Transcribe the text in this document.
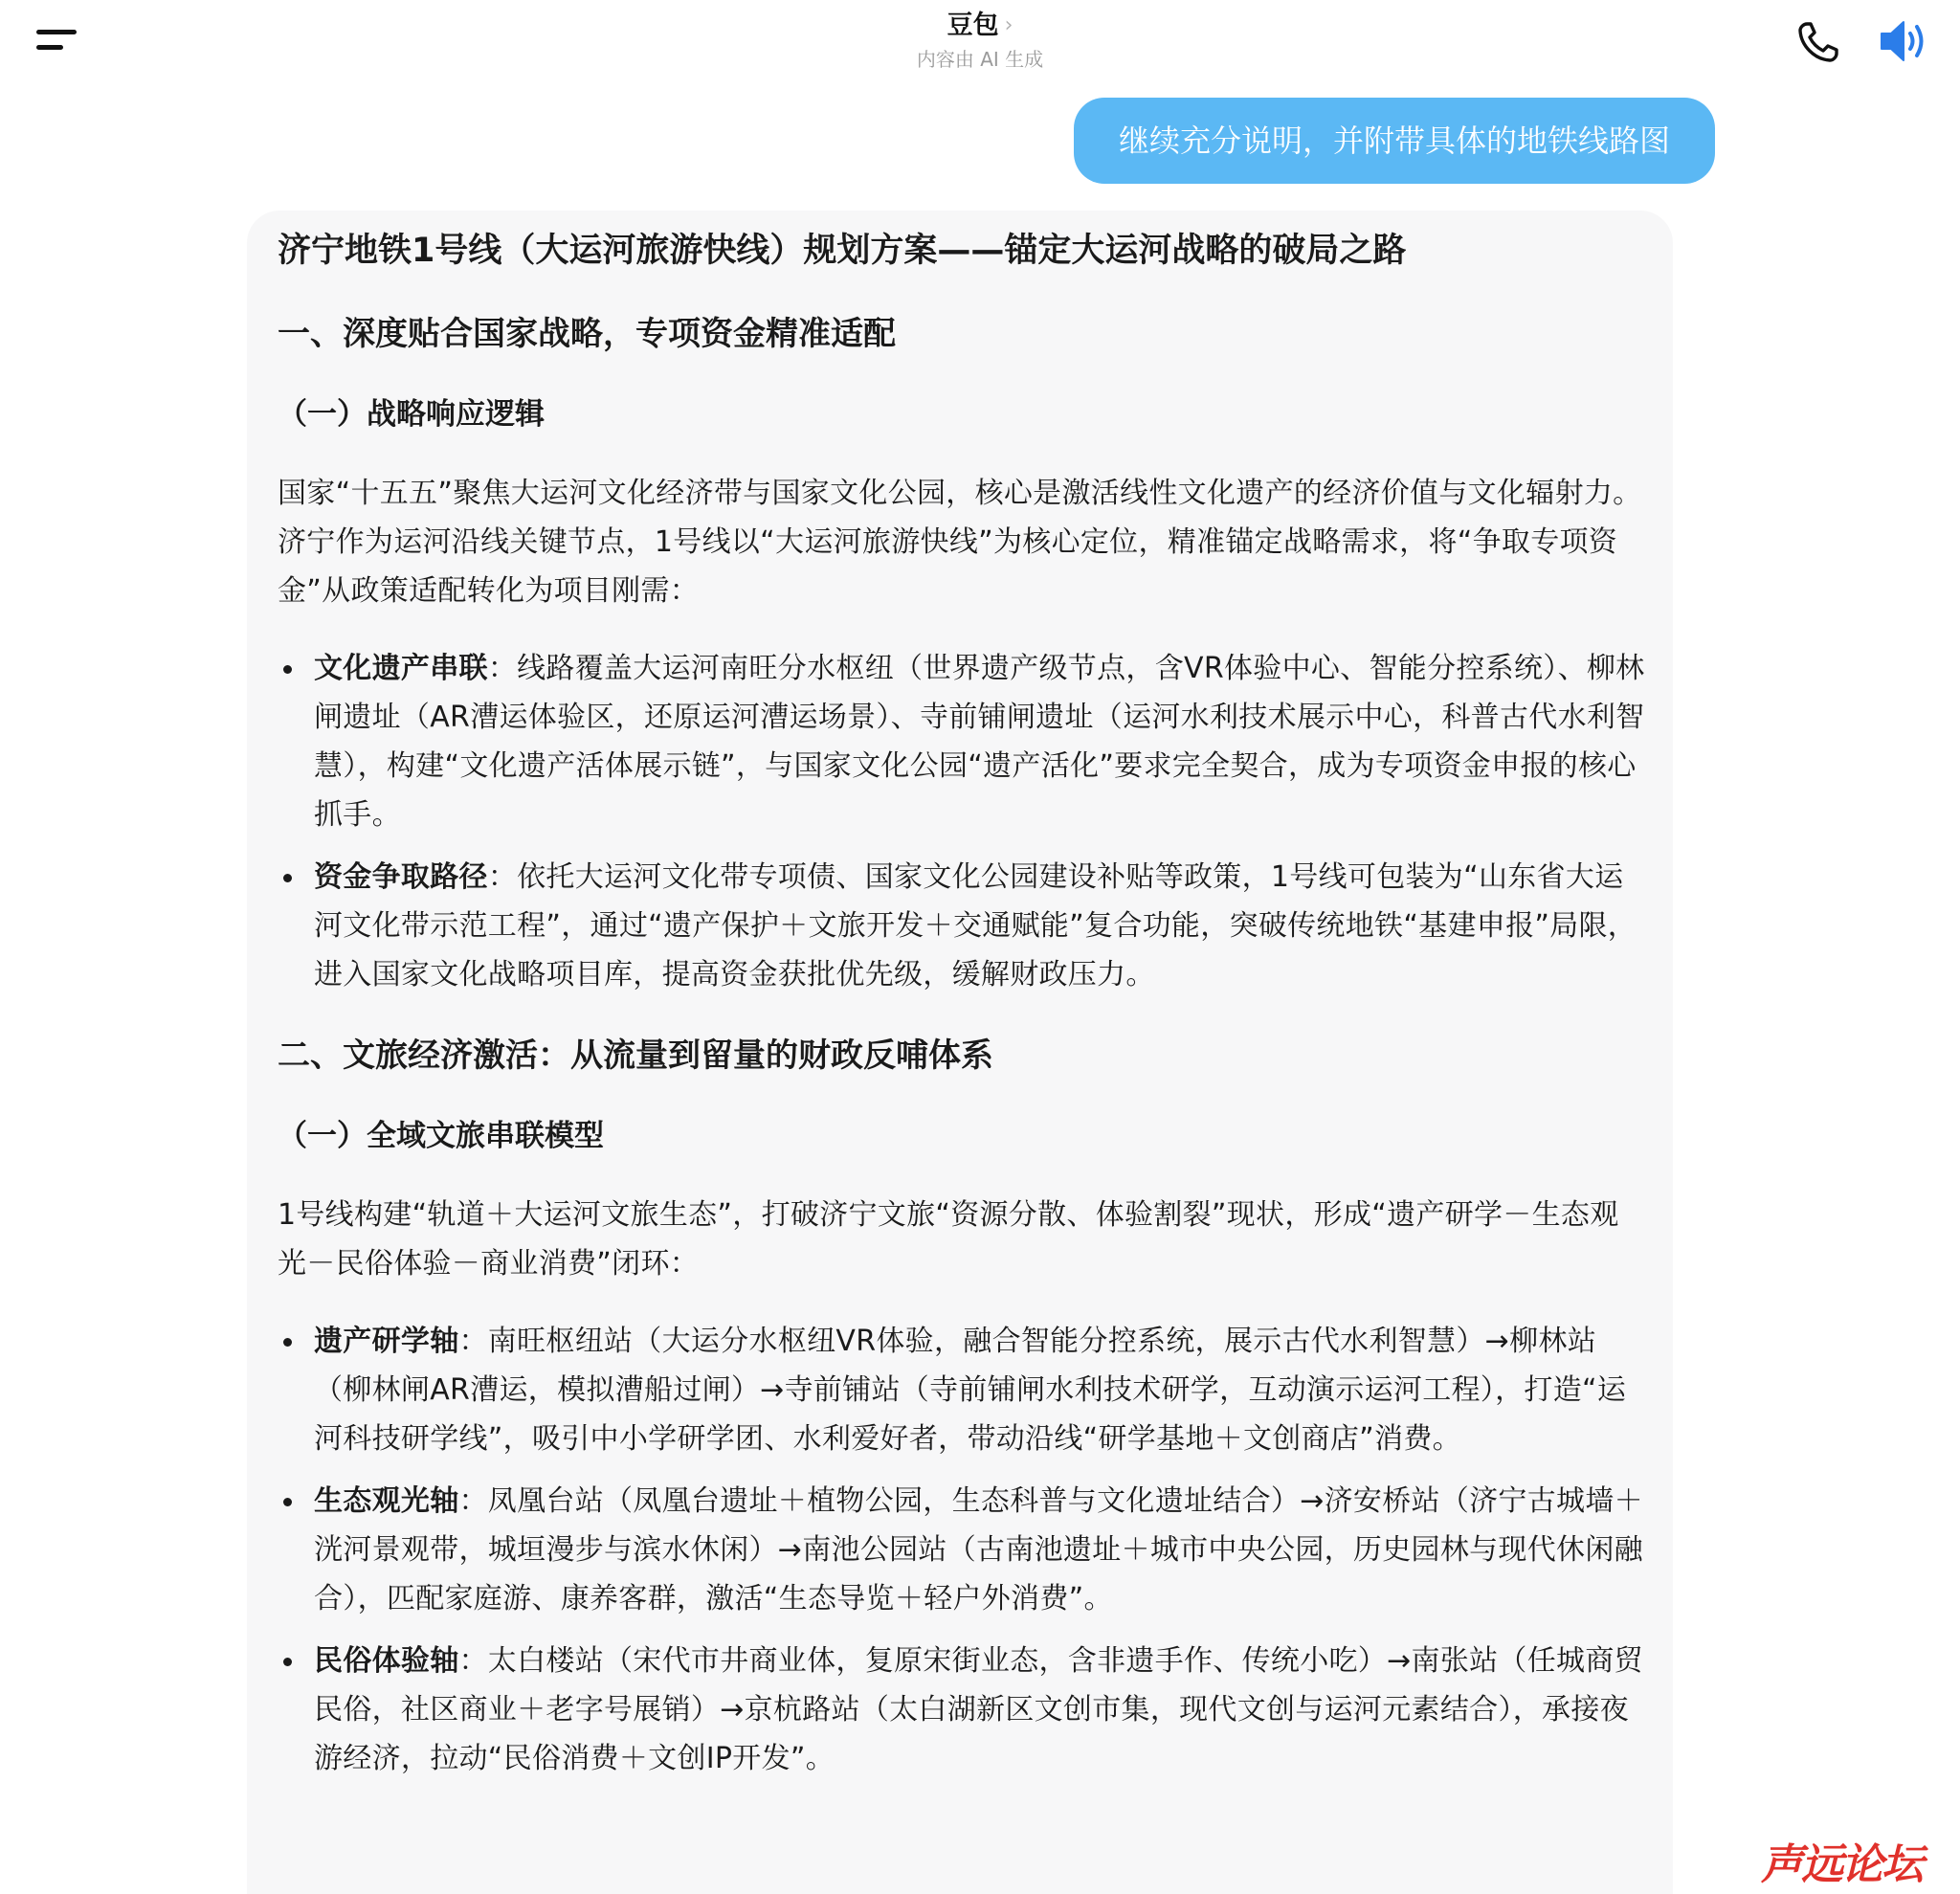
豆包 ›
内容由 AI 生成
继续充分说明，并附带具体的地铁线路图
济宁地铁1号线（大运河旅游快线）规划方案——锚定大运河战略的破局之路
一、深度贴合国家战略，专项资金精准适配
（一）战略响应逻辑

国家“十五五”聚焦大运河文化经济带与国家文化公园，核心是激活线性文化遗产的经济价值与文化辐射力。济宁作为运河沿线关键节点，1号线以“大运河旅游快线”为核心定位，精准锚定战略需求，将“争取专项资金”从政策适配转化为项目刚需：

文化遗产串联：线路覆盖大运河南旺分水枢纽（世界遗产级节点，含VR体验中心、智能分控系统）、柳林闸遗址（AR漕运体验区，还原运河漕运场景）、寺前铺闸遗址（运河水利技术展示中心，科普古代水利智慧），构建“文化遗产活体展示链”，与国家文化公园“遗产活化”要求完全契合，成为专项资金申报的核心抓手。
资金争取路径：依托大运河文化带专项债、国家文化公园建设补贴等政策，1号线可包装为“山东省大运河文化带示范工程”，通过“遗产保护＋文旅开发＋交通赋能”复合功能，突破传统地铁“基建申报”局限，进入国家文化战略项目库，提高资金获批优先级，缓解财政压力。
二、文旅经济激活：从流量到留量的财政反哺体系
（一）全域文旅串联模型

1号线构建“轨道＋大运河文旅生态”，打破济宁文旅“资源分散、体验割裂”现状，形成“遗产研学－生态观光－民俗体验－商业消费”闭环：

遗产研学轴：南旺枢纽站（大运分水枢纽VR体验，融合智能分控系统，展示古代水利智慧）→柳林站（柳林闸AR漕运，模拟漕船过闸）→寺前铺站（寺前铺闸水利技术研学，互动演示运河工程），打造“运河科技研学线”，吸引中小学研学团、水利爱好者，带动沿线“研学基地＋文创商店”消费。
生态观光轴：凤凰台站（凤凰台遗址＋植物公园，生态科普与文化遗址结合）→济安桥站（济宁古城墙＋洸河景观带，城垣漫步与滨水休闲）→南池公园站（古南池遗址＋城市中央公园，历史园林与现代休闲融合），匹配家庭游、康养客群，激活“生态导览＋轻户外消费”。
民俗体验轴：太白楼站（宋代市井商业体，复原宋街业态，含非遗手作、传统小吃）→南张站（任城商贸民俗，社区商业＋老字号展销）→京杭路站（太白湖新区文创市集，现代文创与运河元素结合），承接夜游经济，拉动“民俗消费＋文创IP开发”。
声远论坛
